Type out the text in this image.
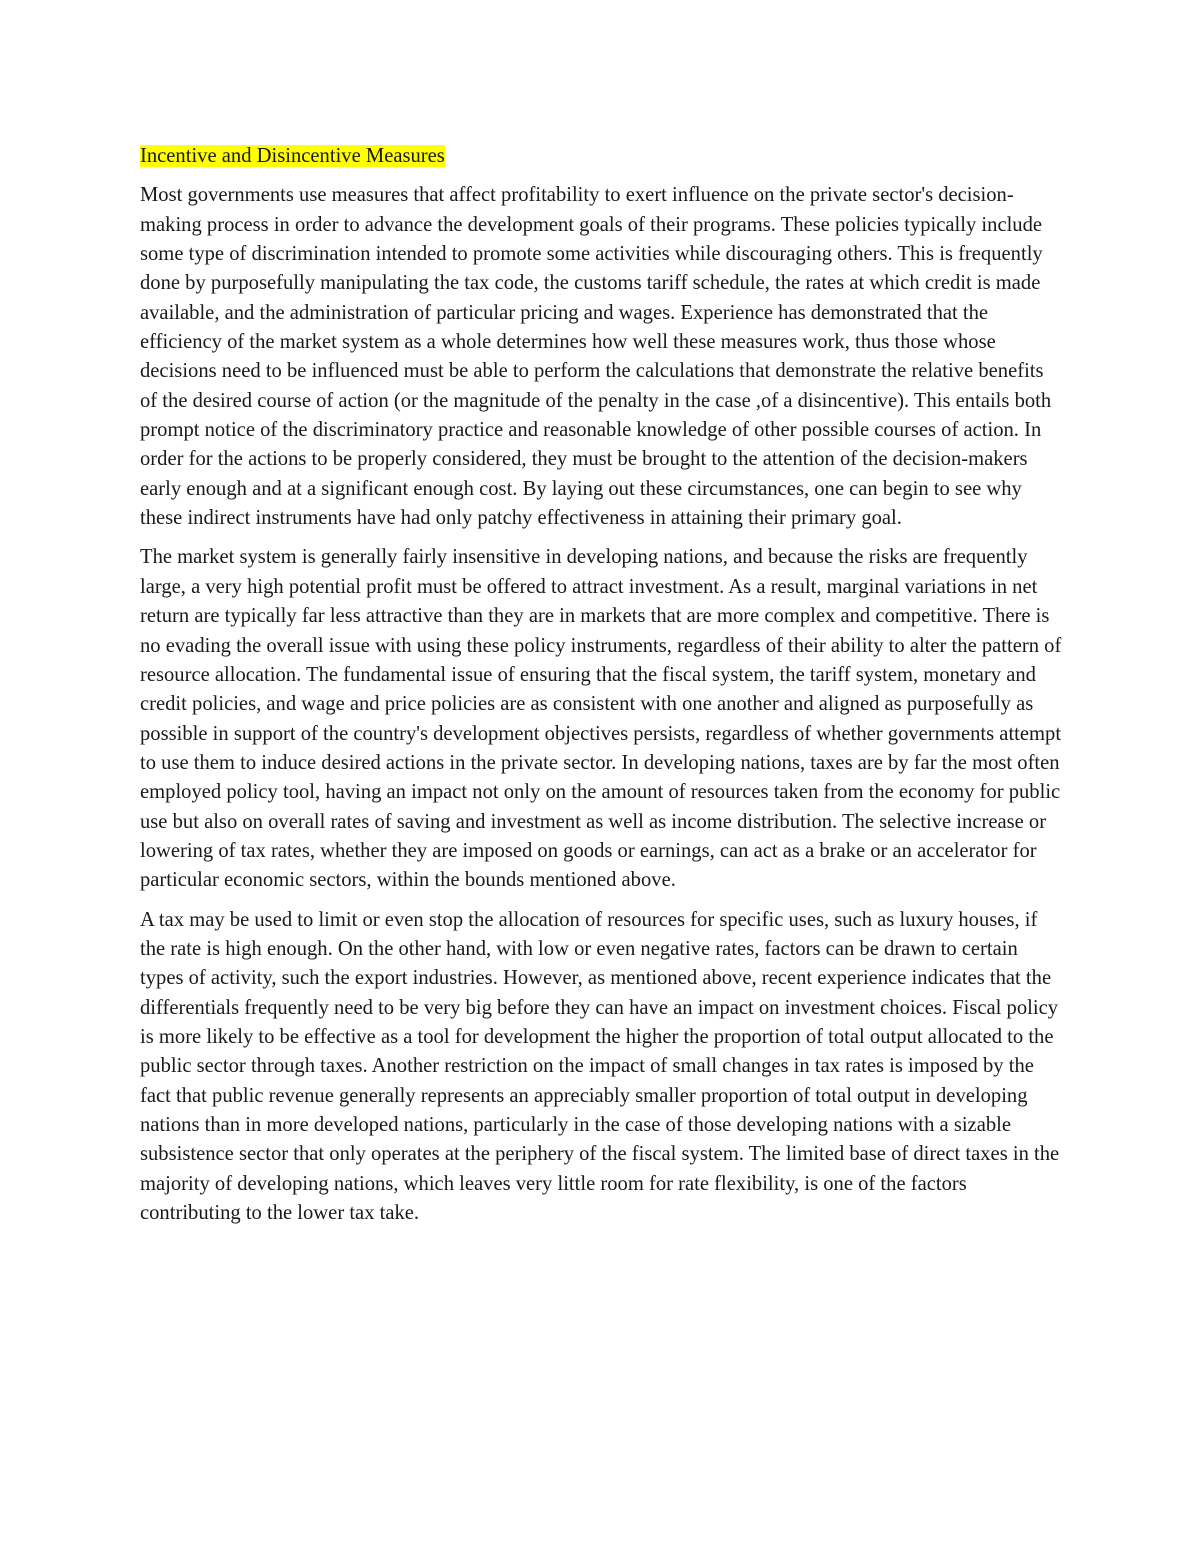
Incentive and Disincentive Measures

Most governments use measures that affect profitability to exert influence on the private sector's decision-making process in order to advance the development goals of their programs. These policies typically include some type of discrimination intended to promote some activities while discouraging others. This is frequently done by purposefully manipulating the tax code, the customs tariff schedule, the rates at which credit is made available, and the administration of particular pricing and wages. Experience has demonstrated that the efficiency of the market system as a whole determines how well these measures work, thus those whose decisions need to be influenced must be able to perform the calculations that demonstrate the relative benefits of the desired course of action (or the magnitude of the penalty in the case ,of a disincentive). This entails both prompt notice of the discriminatory practice and reasonable knowledge of other possible courses of action. In order for the actions to be properly considered, they must be brought to the attention of the decision-makers early enough and at a significant enough cost. By laying out these circumstances, one can begin to see why these indirect instruments have had only patchy effectiveness in attaining their primary goal.

The market system is generally fairly insensitive in developing nations, and because the risks are frequently large, a very high potential profit must be offered to attract investment. As a result, marginal variations in net return are typically far less attractive than they are in markets that are more complex and competitive. There is no evading the overall issue with using these policy instruments, regardless of their ability to alter the pattern of resource allocation. The fundamental issue of ensuring that the fiscal system, the tariff system, monetary and credit policies, and wage and price policies are as consistent with one another and aligned as purposefully as possible in support of the country's development objectives persists, regardless of whether governments attempt to use them to induce desired actions in the private sector. In developing nations, taxes are by far the most often employed policy tool, having an impact not only on the amount of resources taken from the economy for public use but also on overall rates of saving and investment as well as income distribution. The selective increase or lowering of tax rates, whether they are imposed on goods or earnings, can act as a brake or an accelerator for particular economic sectors, within the bounds mentioned above.

A tax may be used to limit or even stop the allocation of resources for specific uses, such as luxury houses, if the rate is high enough. On the other hand, with low or even negative rates, factors can be drawn to certain types of activity, such the export industries. However, as mentioned above, recent experience indicates that the differentials frequently need to be very big before they can have an impact on investment choices. Fiscal policy is more likely to be effective as a tool for development the higher the proportion of total output allocated to the public sector through taxes. Another restriction on the impact of small changes in tax rates is imposed by the fact that public revenue generally represents an appreciably smaller proportion of total output in developing nations than in more developed nations, particularly in the case of those developing nations with a sizable subsistence sector that only operates at the periphery of the fiscal system. The limited base of direct taxes in the majority of developing nations, which leaves very little room for rate flexibility, is one of the factors contributing to the lower tax take.
